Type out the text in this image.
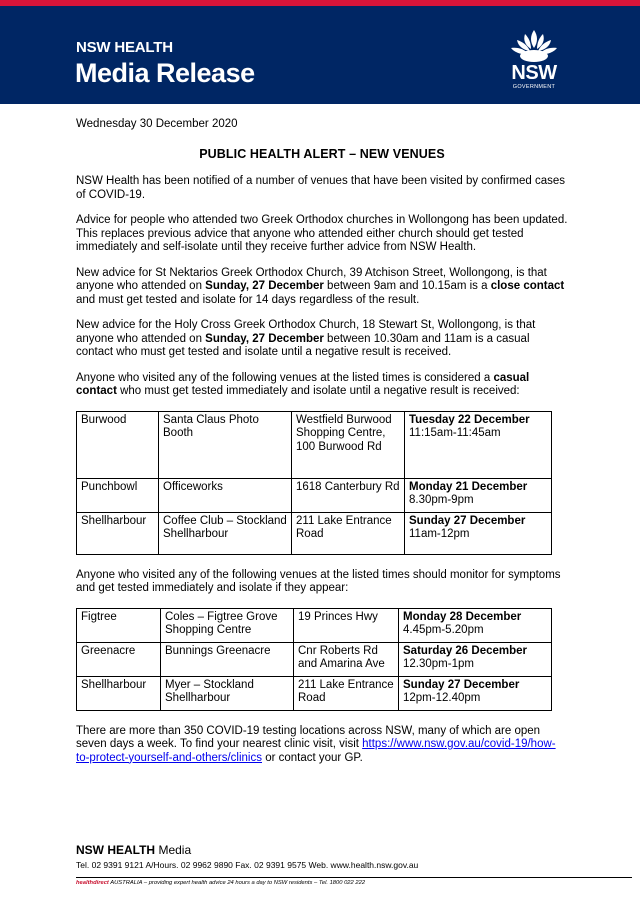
NSW HEALTH
Media Release	NSW
GOVERNMENT

Wednesday 30 December 2020

PUBLIC HEALTH ALERT – NEW VENUES

NSW Health has been notified of a number of venues that have been visited by confirmed cases of COVID-19.

Advice for people who attended two Greek Orthodox churches in Wollongong has been updated. This replaces previous advice that anyone who attended either church should get tested immediately and self-isolate until they receive further advice from NSW Health.

New advice for St Nektarios Greek Orthodox Church, 39 Atchison Street, Wollongong, is that anyone who attended on Sunday, 27 December between 9am and 10.15am is a close contact and must get tested and isolate for 14 days regardless of the result.

New advice for the Holy Cross Greek Orthodox Church, 18 Stewart St, Wollongong, is that anyone who attended on Sunday, 27 December between 10.30am and 11am is a casual contact who must get tested and isolate until a negative result is received.

Anyone who visited any of the following venues at the listed times is considered a casual contact who must get tested immediately and isolate until a negative result is received:

Burwood	Santa Claus Photo Booth	Westfield Burwood Shopping Centre, 100 Burwood Rd	Tuesday 22 December
11:15am-11:45am

Punchbowl	Officeworks	1618 Canterbury Rd	Monday 21 December
8.30pm-9pm

Shellharbour	Coffee Club – Stockland Shellharbour	211 Lake Entrance Road	Sunday 27 December
11am-12pm

Anyone who visited any of the following venues at the listed times should monitor for symptoms and get tested immediately and isolate if they appear:

Figtree	Coles – Figtree Grove Shopping Centre	19 Princes Hwy	Monday 28 December
4.45pm-5.20pm

Greenacre	Bunnings Greenacre	Cnr Roberts Rd and Amarina Ave	Saturday 26 December
12.30pm-1pm

Shellharbour	Myer – Stockland Shellharbour	211 Lake Entrance Road	Sunday 27 December
12pm-12.40pm

There are more than 350 COVID-19 testing locations across NSW, many of which are open seven days a week. To find your nearest clinic visit, visit https://www.nsw.gov.au/covid-19/how-to-protect-yourself-and-others/clinics or contact your GP.

NSW HEALTH Media
Tel. 02 9391 9121 A/Hours. 02 9962 9890 Fax. 02 9391 9575 Web. www.health.nsw.gov.au
healthdirect AUSTRALIA – providing expert health advice 24 hours a day to NSW residents – Tel. 1800 022 222
